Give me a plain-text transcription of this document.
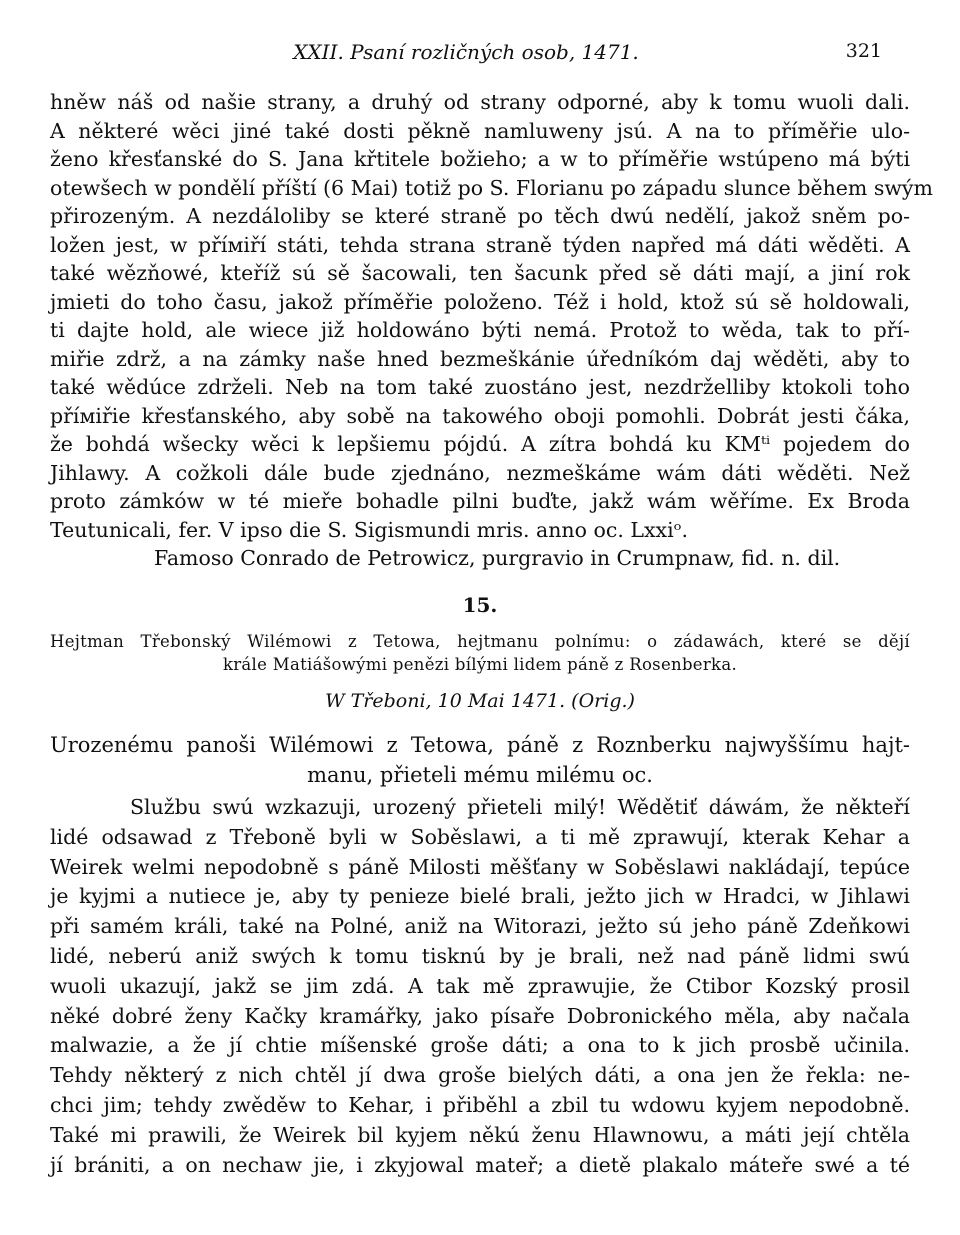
XXII. Psaní rozličných osob, 1471.	321
hněw náš od našie strany, a druhý od strany odporné, aby k tomu wuoli dali.
A některé wěci jiné také dosti pěkně namluweny jsú. A na to příměřie ulo-
ženo křesťanské do S. Jana křtitele božieho; a w to příměřie wstúpeno má býti
otewšech w pondělí příští (6 Mai) totiž po S. Florianu po západu slunce během swým
přirozeným. A nezdáloliby se které straně po těch dwú nedělí, jakož sněm po-
ložen jest, w příміří státi, tehda strana straně týden napřed má dáti wěděti. A
také wězňowé, kteříž sú sě šacowali, ten šacunk před sě dáti mají, a jiní rok
jmieti do toho času, jakož příměřie položeno. Též i hold, ktož sú sě holdowali,
ti dajte hold, ale wiece již holdowáno býti nemá. Protož to wěda, tak to pří-
miřie zdrž, a na zámky naše hned bezmeškánie úředníkóm daj wěděti, aby to
také wědúce zdrželi. Neb na tom také zuostáno jest, nezdrželliby ktokoli toho
příміřie křesťanského, aby sobě na takowého oboji pomohli. Dobrát jesti čáka,
že bohdá wšecky wěci k lepšiemu pójdú. A zítra bohdá ku KMᵗⁱ pojedem do
Jihlawy. A cožkoli dále bude zjednáno, nezmeškáme wám dáti wěděti. Než
proto zámków w té mieře bohadle pilni buďte, jakž wám wěříme. Ex Broda
Teutunicali, fer. V ipso die S. Sigismundi mris. anno oc. Lxxiᵒ.
Famoso Conrado de Petrowicz, purgravio in Crumpnaw, fid. n. dil.
15.
Hejtman Třebonský Wilémowi z Tetowa, hejtmanu polnímu: o zádawách, které se dějí
krále Matiášowými penězi bílými lidem páně z Rosenberka.
W Třeboni, 10 Mai 1471. (Orig.)
Urozenému panoši Wilémowi z Tetowa, páně z Roznberku najwyššímu hajt-
manu, přieteli mému milému oc.
Službu swú wzkazuji, urozený přieteli milý! Wědětiť dáwám, že někteří
lidé odsawad z Třeboně byli w Soběslawi, a ti mě zprawují, kterak Kehar a
Weirek welmi nepodobně s páně Milosti měšťany w Soběslawi nakládají, tepúce
je kyjmi a nutiece je, aby ty penieze bielé brali, ježto jich w Hradci, w Jihlawi
při samém králi, také na Polné, aniž na Witorazi, ježto sú jeho páně Zdeňkowi
lidé, neberú aniž swých k tomu tisknú by je brali, než nad páně lidmi swú
wuoli ukazují, jakž se jim zdá. A tak mě zprawujie, že Ctibor Kozský prosil
něké dobré ženy Kačky kramářky, jako písaře Dobronického měla, aby načala
malwazie, a že jí chtie míšenské groše dáti; a ona to k jich prosbě učinila.
Tehdy některý z nich chtěl jí dwa groše bielých dáti, a ona jen že řekla: ne-
chci jim; tehdy zwěděw to Kehar, i přiběhl a zbil tu wdowu kyjem nepodobně.
Také mi prawili, že Weirek bil kyjem někú ženu Hlawnowu, a máti její chtěla
jí brániti, a on nechaw jie, i zkyjowal mateř; a dietě plakalo máteře swé a té
